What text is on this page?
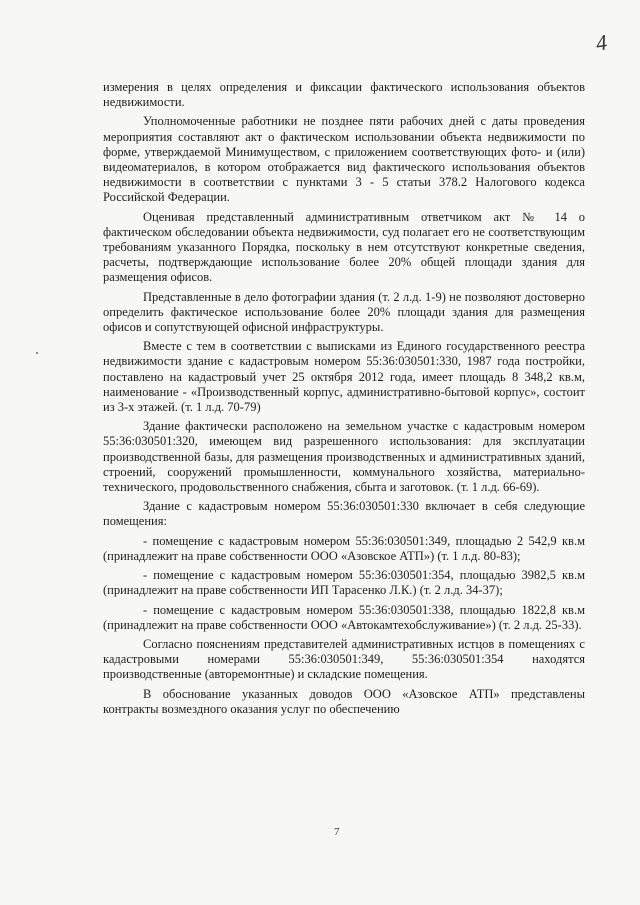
4

измерения в целях определения и фиксации фактического использования объектов недвижимости.

Уполномоченные работники не позднее пяти рабочих дней с даты проведения мероприятия составляют акт о фактическом использовании объекта недвижимости по форме, утверждаемой Минимуществом, с приложением соответствующих фото- и (или) видеоматериалов, в котором отображается вид фактического использования объектов недвижимости в соответствии с пунктами 3 - 5 статьи 378.2 Налогового кодекса Российской Федерации.

Оценивая представленный административным ответчиком акт № 14 о фактическом обследовании объекта недвижимости, суд полагает его не соответствующим требованиям указанного Порядка, поскольку в нем отсутствуют конкретные сведения, расчеты, подтверждающие использование более 20% общей площади здания для размещения офисов.

Представленные в дело фотографии здания (т. 2 л.д. 1-9) не позволяют достоверно определить фактическое использование более 20% площади здания для размещения офисов и сопутствующей офисной инфраструктуры.

Вместе с тем в соответствии с выписками из Единого государственного реестра недвижимости здание с кадастровым номером 55:36:030501:330, 1987 года постройки, поставлено на кадастровый учет 25 октября 2012 года, имеет площадь 8 348,2 кв.м, наименование - «Производственный корпус, административно-бытовой корпус», состоит из 3-х этажей. (т. 1 л.д. 70-79)

Здание фактически расположено на земельном участке с кадастровым номером 55:36:030501:320, имеющем вид разрешенного использования: для эксплуатации производственной базы, для размещения производственных и административных зданий, строений, сооружений промышленности, коммунального хозяйства, материально-технического, продовольственного снабжения, сбыта и заготовок. (т. 1 л.д. 66-69).

Здание с кадастровым номером 55:36:030501:330 включает в себя следующие помещения:

- помещение с кадастровым номером 55:36:030501:349, площадью 2 542,9 кв.м (принадлежит на праве собственности ООО «Азовское АТП») (т. 1 л.д. 80-83);

- помещение с кадастровым номером 55:36:030501:354, площадью 3982,5 кв.м (принадлежит на праве собственности ИП Тарасенко Л.К.) (т. 2 л.д. 34-37);

- помещение с кадастровым номером 55:36:030501:338, площадью 1822,8 кв.м (принадлежит на праве собственности ООО «Автокамтехобслуживание») (т. 2 л.д. 25-33).

Согласно пояснениям представителей административных истцов в помещениях с кадастровыми номерами 55:36:030501:349, 55:36:030501:354 находятся производственные (авторемонтные) и складские помещения.

В обоснование указанных доводов ООО «Азовское АТП» представлены контракты возмездного оказания услуг по обеспечению

7
